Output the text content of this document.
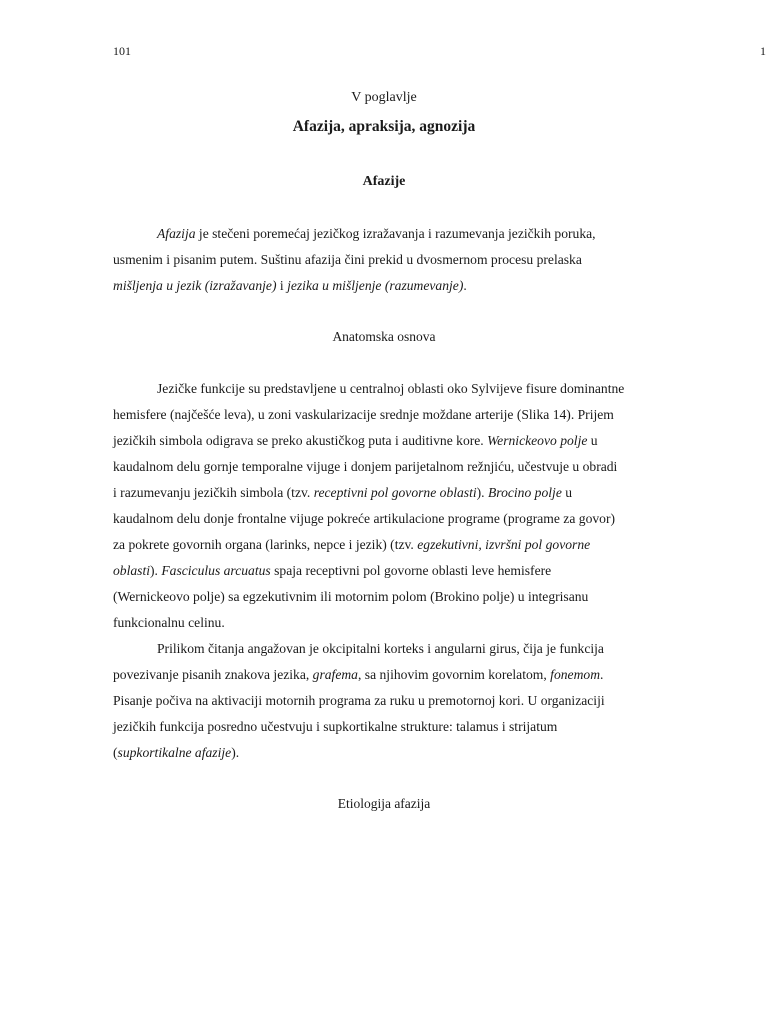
101	1
V poglavlje
Afazija, apraksija, agnozija
Afazije
Afazija je stečeni poremećaj jezičkog izražavanja i razumevanja jezičkih poruka,
usmenim i pisanim putem. Suštinu afazija čini prekid u dvosmernom procesu prelaska
mišljenja u jezik (izražavanje) i jezika u mišljenje (razumevanje).
Anatomska osnova
Jezičke funkcije su predstavljene u centralnoj oblasti oko Sylvijeve fisure dominantne
hemisfere (najčešće leva), u zoni vaskularizacije srednje moždane arterije (Slika 14). Prijem
jezičkih simbola odigrava se preko akustičkog puta i auditivne kore. Wernickeovo polje u
kaudalnom delu gornje temporalne vijuge i donjem parijetalnom režnjiću, učestvuje u obradi
i razumevanju jezičkih simbola (tzv. receptivni pol govorne oblasti). Brocino polje u
kaudalnom delu donje frontalne vijuge pokreće artikulacione programe (programe za govor)
za pokrete govornih organa (larinks, nepce i jezik) (tzv. egzekutivni, izvršni pol govorne
oblasti). Fasciculus arcuatus spaja receptivni pol govorne oblasti leve hemisfere
(Wernickeovo polje) sa egzekutivnim ili motornim polom (Brokino polje) u integrisanu
funkcionalnu celinu.
Prilikom čitanja angažovan je okcipitalni korteks i angularni girus, čija je funkcija
povezivanje pisanih znakova jezika, grafema, sa njihovim govornim korelatom, fonemom.
Pisanje počiva na aktivaciji motornih programa za ruku u premotornoj kori. U organizaciji
jezičkih funkcija posredno učestvuju i supkortikalne strukture: talamus i strijatum
(supkortikalne afazije).
Etiologija afazija
